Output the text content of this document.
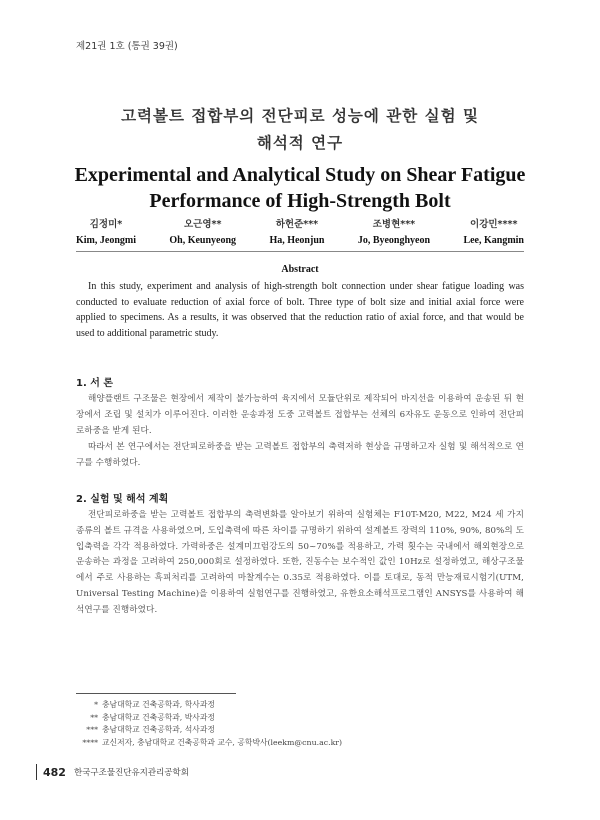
제21권 1호 (통권 39권)
고력볼트 접합부의 전단피로 성능에 관한 실험 및
해석적 연구
Experimental and Analytical Study on Shear Fatigue
Performance of High-Strength Bolt
김정미*
Kim, Jeongmi
오근영**
Oh, Keunyeong
하헌준***
Ha, Heonjun
조병현***
Jo, Byeonghyeon
이강민****
Lee, Kangmin
Abstract
In this study, experiment and analysis of high-strength bolt connection under shear fatigue loading was conducted to evaluate reduction of axial force of bolt. Three type of bolt size and initial axial force were applied to specimens. As a results, it was observed that the reduction ratio of axial force, and that would be used to additional parametric study.
1. 서 론
해양플랜트 구조물은 현장에서 제작이 불가능하여 육지에서 모듈단위로 제작되어 바지선을 이용하여 운송된 뒤 현장에서 조립 및 설치가 이루어진다. 이러한 운송과정 도중 고력볼트 접합부는 선체의 6자유도 운동으로 인하여 전단피로하중을 받게 된다.
따라서 본 연구에서는 전단피로하중을 받는 고력볼트 접합부의 축력저하 현상을 규명하고자 실험 및 해석적으로 연구를 수행하였다.
2. 실험 및 해석 계획
전단피로하중을 받는 고력볼트 접합부의 축력변화를 알아보기 위하여 실험체는 F10T-M20, M22, M24 세 가지 종류의 볼트 규격을 사용하였으며, 도입축력에 따른 차이를 규명하기 위하여 설계볼트 장력의 110%, 90%, 80%의 도입축력을 각각 적용하였다. 가력하중은 설계미끄럼강도의 50~70%를 적용하고, 가력 횟수는 국내에서 해외현장으로 운송하는 과정을 고려하여 250,000회로 설정하였다. 또한, 진동수는 보수적인 값인 10Hz로 설정하였고, 해상구조물에서 주로 사용하는 흑피처리를 고려하여 마찰계수는 0.35로 적용하였다. 이를 토대로, 동적 만능재료시험기(UTM, Universal Testing Machine)을 이용하여 실험연구를 진행하였고, 유한요소해석프로그램인 ANSYS를 사용하여 해석연구를 진행하였다.
* 충남대학교 건축공학과, 학사과정
** 충남대학교 건축공학과, 박사과정
*** 충남대학교 건축공학과, 석사과정
**** 교신저자, 충남대학교 건축공학과 교수, 공학박사(leekm@cnu.ac.kr)
482 한국구조물진단유지관리공학회
